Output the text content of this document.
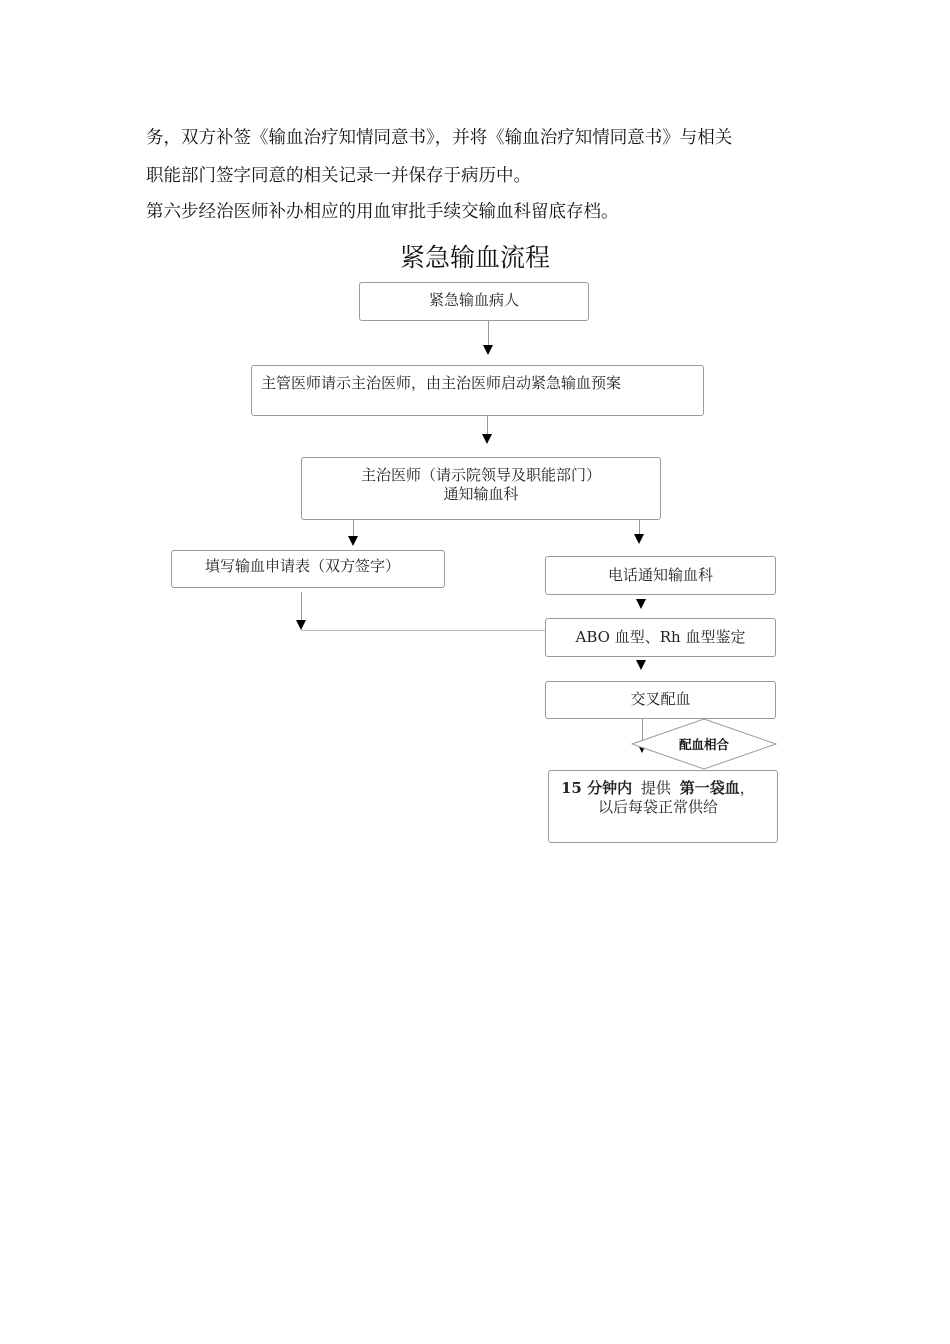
务，双方补签《输血治疗知情同意书》，并将《输血治疗知情同意书》与相关
职能部门签字同意的相关记录一并保存于病历中。
第六步经治医师补办相应的用血审批手续交输血科留底存档。
紧急输血流程
紧急输血病人
主管医师请示主治医师，由主治医师启动紧急输血预案
主治医师（请示院领导及职能部门）
通知输血科
填写输血申请表（双方签字）	电话通知输血科
ABO 血型、Rh 血型鉴定
交叉配血
配血相合
15 分钟内 提供 第一袋血，
以后每袋正常供给
